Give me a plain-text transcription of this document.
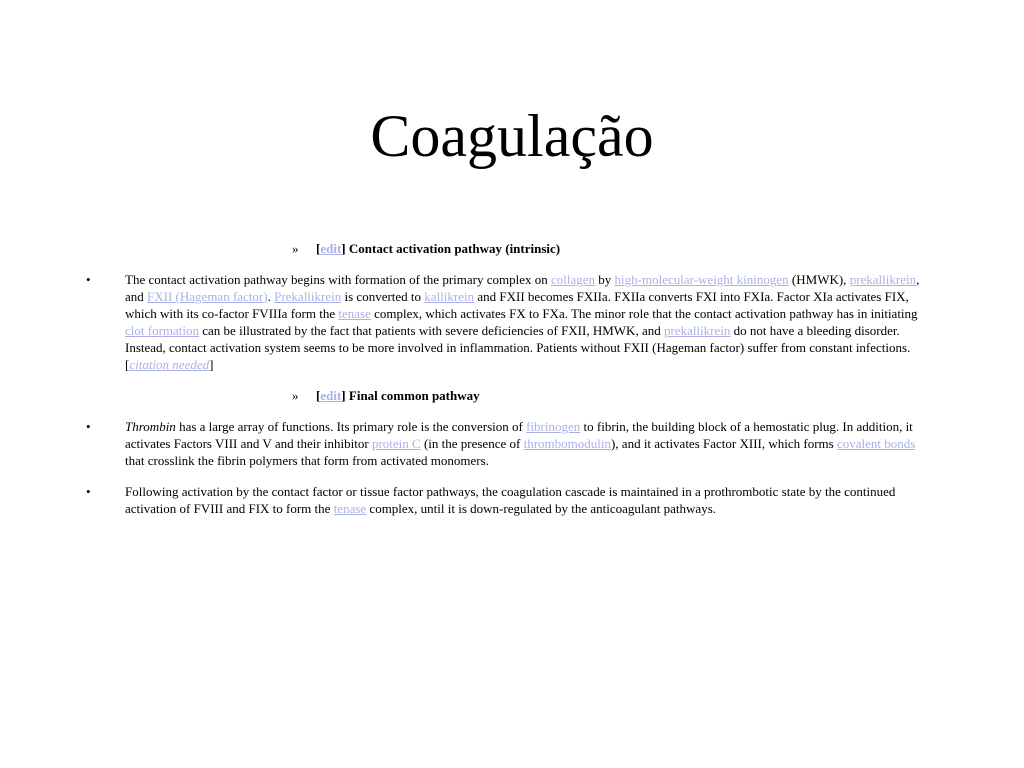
Coagulação
» [edit] Contact activation pathway (intrinsic)
•	The contact activation pathway begins with formation of the primary complex on collagen by high-molecular-weight kininogen (HMWK), prekallikrein, and FXII (Hageman factor). Prekallikrein is converted to kallikrein and FXII becomes FXIIa. FXIIa converts FXI into FXIa. Factor XIa activates FIX, which with its co-factor FVIIIa form the tenase complex, which activates FX to FXa. The minor role that the contact activation pathway has in initiating clot formation can be illustrated by the fact that patients with severe deficiencies of FXII, HMWK, and prekallikrein do not have a bleeding disorder. Instead, contact activation system seems to be more involved in inflammation. Patients without FXII (Hageman factor) suffer from constant infections.[citation needed]
» [edit] Final common pathway
•	Thrombin has a large array of functions. Its primary role is the conversion of fibrinogen to fibrin, the building block of a hemostatic plug. In addition, it activates Factors VIII and V and their inhibitor protein C (in the presence of thrombomodulin), and it activates Factor XIII, which forms covalent bonds that crosslink the fibrin polymers that form from activated monomers.
•	Following activation by the contact factor or tissue factor pathways, the coagulation cascade is maintained in a prothrombotic state by the continued activation of FVIII and FIX to form the tenase complex, until it is down-regulated by the anticoagulant pathways.
